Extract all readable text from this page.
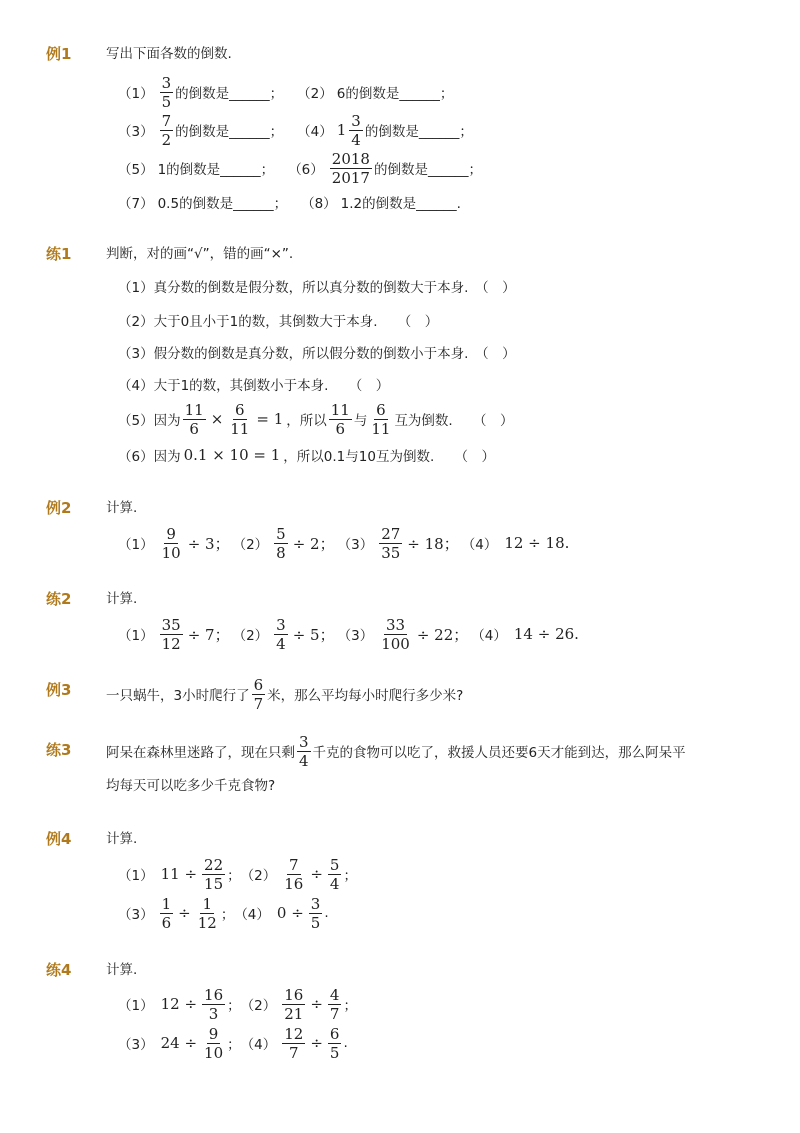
例1	写出下面各数的倒数.
$(1) \frac{3}{5}$ 的倒数是______； （2） 6的倒数是______；
$(3) \frac{7}{2}$ 的倒数是______； （4） $1 \frac{3}{4}$ 的倒数是______；
（5） 1的倒数是______； $(6) \frac{2018}{2017}$ 的倒数是______；
（7） 0.5的倒数是______； （8） 1.2的倒数是______.
练1	判断，对的画“√”，错的画“×”.
（1）真分数的倒数是假分数，所以真分数的倒数大于本身.　（　）
（2）大于0且小于1的数，其倒数大于本身.　　（　）
（3）假分数的倒数是真分数，所以假分数的倒数小于本身.　（　）
（4）大于1的数，其倒数小于本身.　　（　）
（5）因为 $\frac{11}{6} \times \frac{6}{11} = 1$ ，所以 $\frac{11}{6}$ 与 $\frac{6}{11}$ 互为倒数.　　（　）
（6）因为 0.1 × 10 = 1 ，所以0.1与10互为倒数.　　（　）
例2	计算.
$(1) \frac{9}{10} \div 3$； $(2) \frac{5}{8} \div 2$； $(3) \frac{27}{35} \div 18$； （4） 12 ÷ 18.
练2	计算.
$(1) \frac{35}{12} \div 7$； $(2) \frac{3}{4} \div 5$； $(3) \frac{33}{100} \div 22$； （4） 14 ÷ 26.
例3	一只蜗牛，3小时爬行了 $\frac{6}{7}$ 米，那么平均每小时爬行多少米?
练3	阿呆在森林里迷路了，现在只剩 $\frac{3}{4}$ 千克的食物可以吃了，救援人员还要6天才能到达，那么阿呆平
均每天可以吃多少千克食物?
例4	计算.
（1） $11 \div \frac{22}{15}$ ； $(2) \frac{7}{16} \div \frac{5}{4}$ ；
$(3) \frac{1}{6} \div \frac{1}{12}$ ； （4） $0 \div \frac{3}{5}$ .
练4	计算.
（1） $12 \div \frac{16}{3}$ ； $(2) \frac{16}{21} \div \frac{4}{7}$ ；
（3） $24 \div \frac{9}{10}$ ； $(4) \frac{12}{7} \div \frac{6}{5}$ .
